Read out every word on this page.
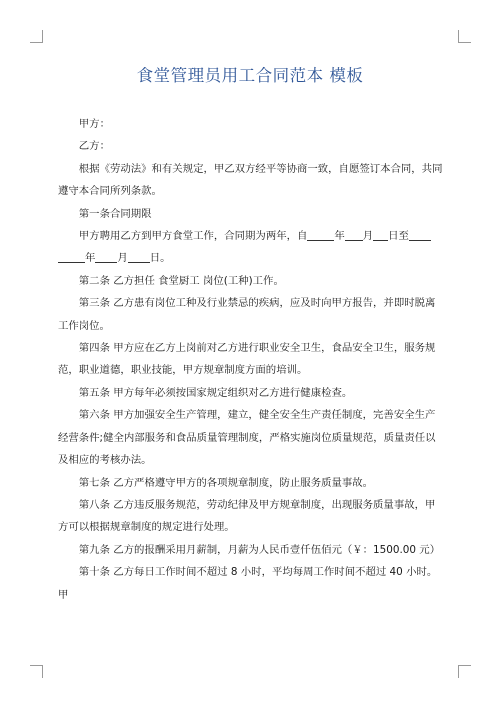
食堂管理员用工合同范本 模板

甲方：

乙方：

根据《劳动法》和有关规定，甲乙双方经平等协商一致，自愿签订本合同，共同遵守本合同所列条款。

第一条合同期限

甲方聘用乙方到甲方食堂工作，合同期为两年，自	年 月 日至年 月 日。

第二条 乙方担任 食堂厨工 岗位(工种)工作。

第三条 乙方患有岗位工种及行业禁忌的疾病，应及时向甲方报告，并即时脱离工作岗位。

第四条 甲方应在乙方上岗前对乙方进行职业安全卫生，食品安全卫生，服务规范，职业道德，职业技能，甲方规章制度方面的培训。

第五条 甲方每年必须按国家规定组织对乙方进行健康检查。

第六条 甲方加强安全生产管理，建立，健全安全生产责任制度，完善安全生产经营条件;健全内部服务和食品质量管理制度，严格实施岗位质量规范，质量责任以及相应的考核办法。

第七条 乙方严格遵守甲方的各项规章制度，防止服务质量事故。

第八条 乙方违反服务规范，劳动纪律及甲方规章制度，出现服务质量事故，甲方可以根据规章制度的规定进行处理。

第九条 乙方的报酬采用月薪制，月薪为人民币壹仟伍佰元（￥：1500.00 元）

第十条 乙方每日工作时间不超过 8 小时，平均每周工作时间不超过 40 小时。甲
